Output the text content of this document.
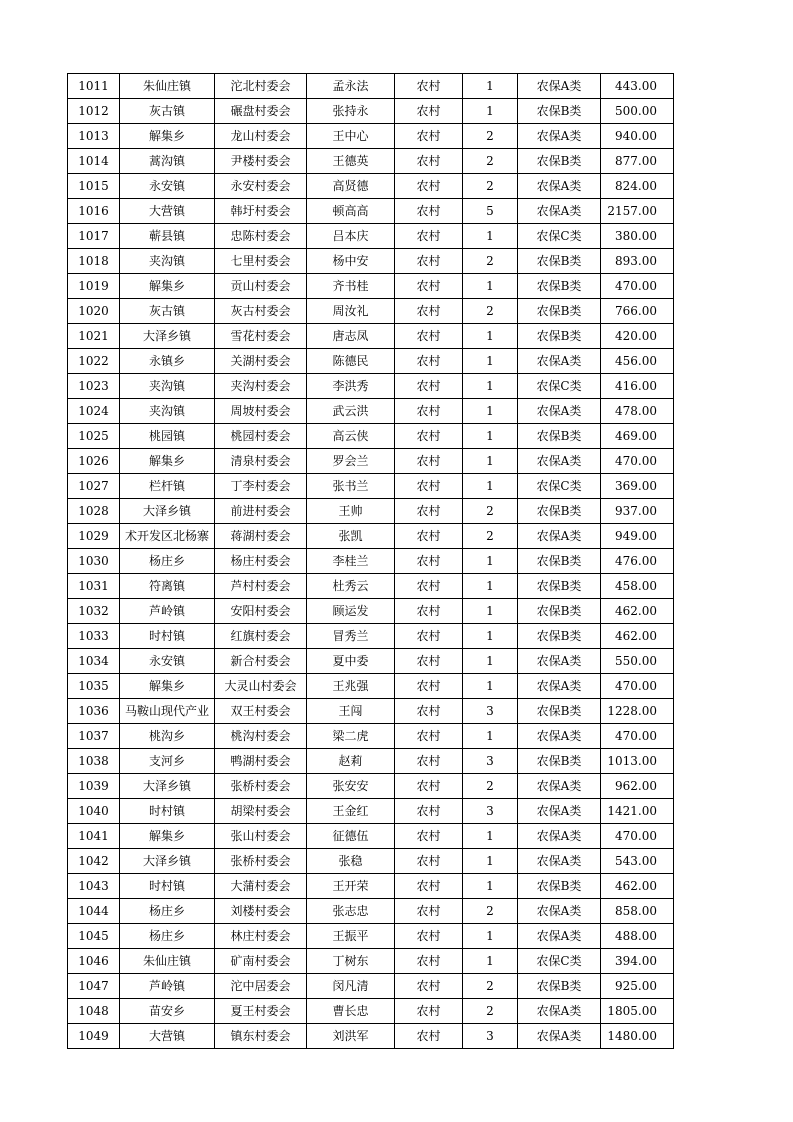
1011	朱仙庄镇	沱北村委会	孟永法	农村	1	农保A类	443.00
1012	灰古镇	碾盘村委会	张持永	农村	1	农保B类	500.00
1013	解集乡	龙山村委会	王中心	农村	2	农保A类	940.00
1014	蒿沟镇	尹楼村委会	王德英	农村	2	农保B类	877.00
1015	永安镇	永安村委会	高贤德	农村	2	农保A类	824.00
1016	大营镇	韩圩村委会	顿高高	农村	5	农保A类	2157.00
1017	蕲县镇	忠陈村委会	吕本庆	农村	1	农保C类	380.00
1018	夹沟镇	七里村委会	杨中安	农村	2	农保B类	893.00
1019	解集乡	贡山村委会	齐书桂	农村	1	农保B类	470.00
1020	灰古镇	灰古村委会	周汝礼	农村	2	农保B类	766.00
1021	大泽乡镇	雪花村委会	唐志凤	农村	1	农保B类	420.00
1022	永镇乡	关湖村委会	陈德民	农村	1	农保A类	456.00
1023	夹沟镇	夹沟村委会	李洪秀	农村	1	农保C类	416.00
1024	夹沟镇	周坡村委会	武云洪	农村	1	农保A类	478.00
1025	桃园镇	桃园村委会	高云侠	农村	1	农保B类	469.00
1026	解集乡	清泉村委会	罗会兰	农村	1	农保A类	470.00
1027	栏杆镇	丁李村委会	张书兰	农村	1	农保C类	369.00
1028	大泽乡镇	前进村委会	王帅	农村	2	农保B类	937.00
1029	术开发区北杨寨	蒋湖村委会	张凯	农村	2	农保A类	949.00
1030	杨庄乡	杨庄村委会	李桂兰	农村	1	农保B类	476.00
1031	符离镇	芦村村委会	杜秀云	农村	1	农保B类	458.00
1032	芦岭镇	安阳村委会	顾运发	农村	1	农保B类	462.00
1033	时村镇	红旗村委会	冒秀兰	农村	1	农保B类	462.00
1034	永安镇	新合村委会	夏中委	农村	1	农保A类	550.00
1035	解集乡	大灵山村委会	王兆强	农村	1	农保A类	470.00
1036	马鞍山现代产业	双王村委会	王闯	农村	3	农保B类	1228.00
1037	桃沟乡	桃沟村委会	梁二虎	农村	1	农保A类	470.00
1038	支河乡	鸭湖村委会	赵莉	农村	3	农保B类	1013.00
1039	大泽乡镇	张桥村委会	张安安	农村	2	农保A类	962.00
1040	时村镇	胡梁村委会	王金红	农村	3	农保A类	1421.00
1041	解集乡	张山村委会	征德伍	农村	1	农保A类	470.00
1042	大泽乡镇	张桥村委会	张稳	农村	1	农保A类	543.00
1043	时村镇	大蒲村委会	王开荣	农村	1	农保B类	462.00
1044	杨庄乡	刘楼村委会	张志忠	农村	2	农保A类	858.00
1045	杨庄乡	林庄村委会	王振平	农村	1	农保A类	488.00
1046	朱仙庄镇	矿南村委会	丁树东	农村	1	农保C类	394.00
1047	芦岭镇	沱中居委会	闵凡清	农村	2	农保B类	925.00
1048	苗安乡	夏王村委会	曹长忠	农村	2	农保A类	1805.00
1049	大营镇	镇东村委会	刘洪军	农村	3	农保A类	1480.00
